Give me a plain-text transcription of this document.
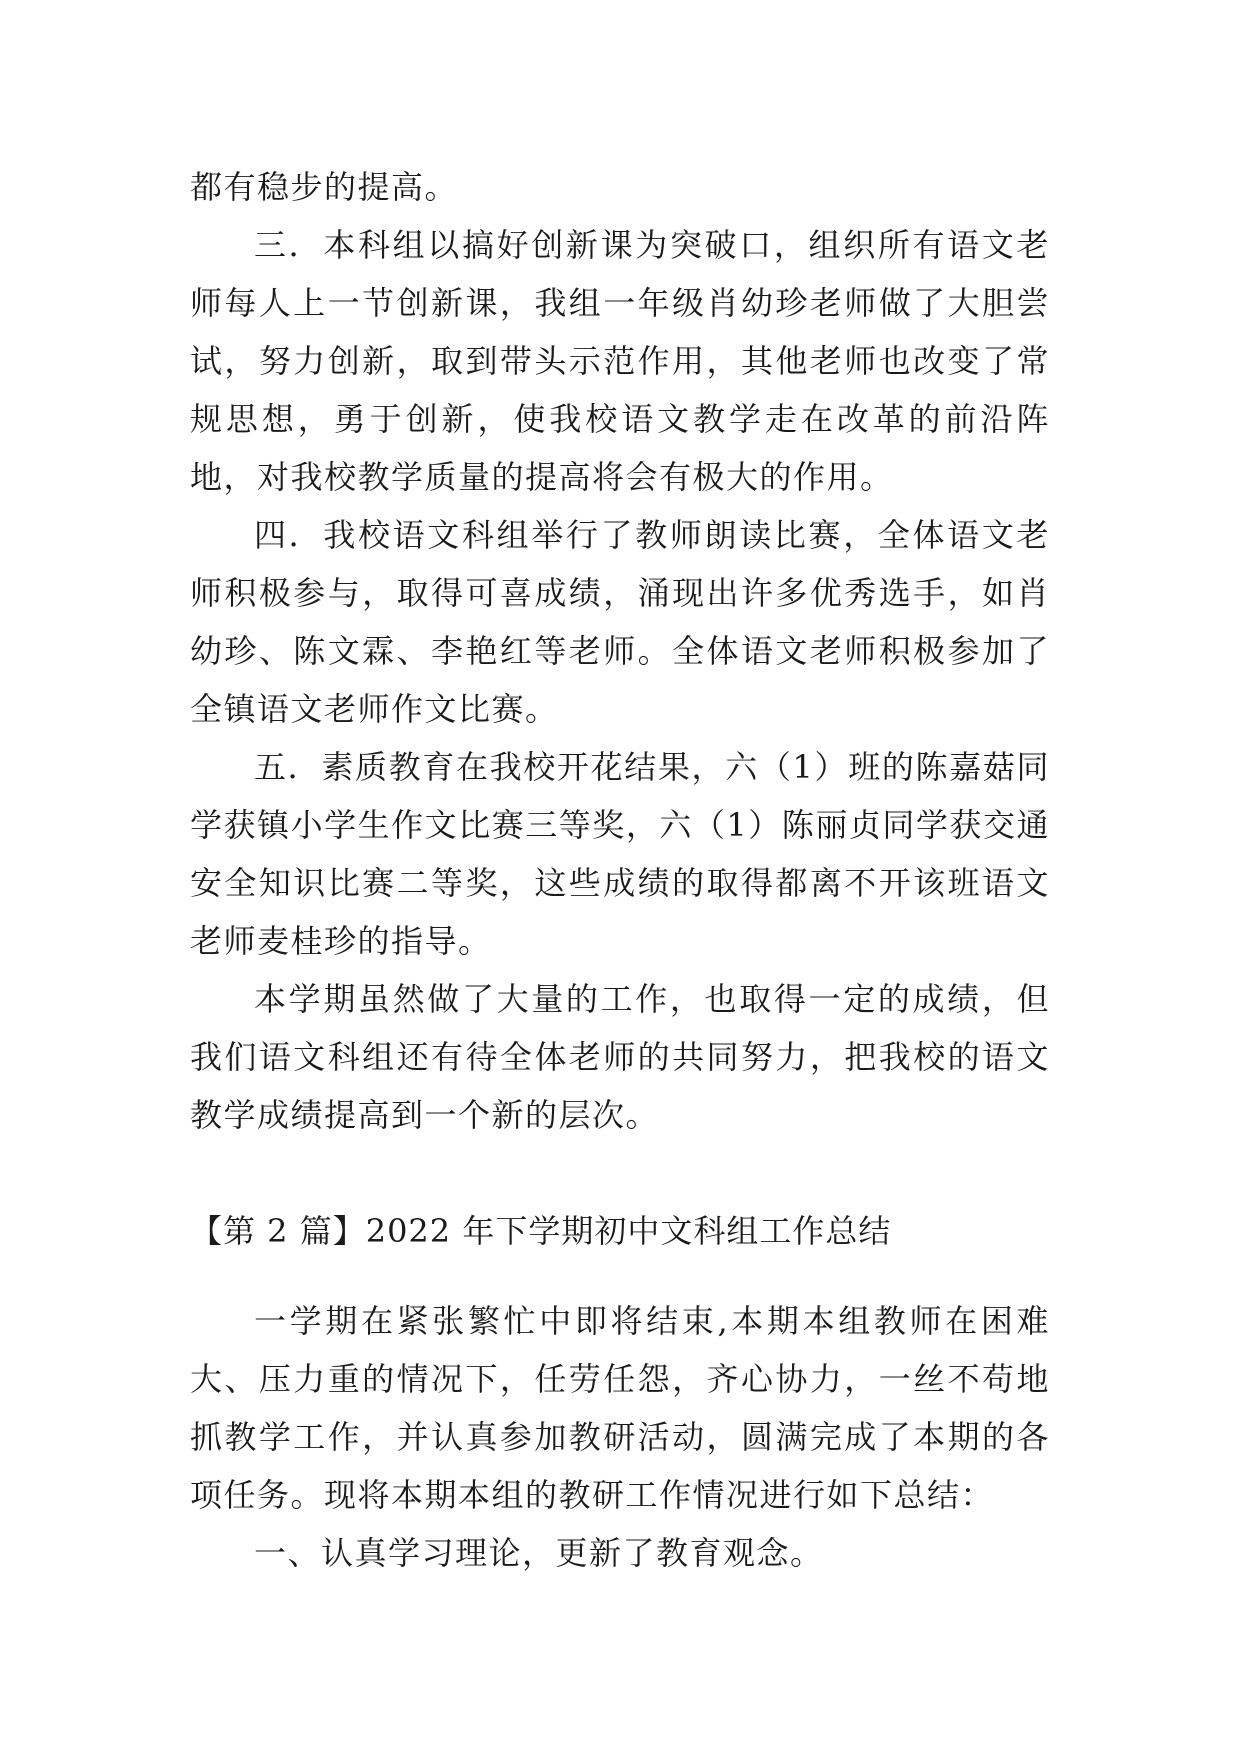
都有稳步的提高。

三．本科组以搞好创新课为突破口，组织所有语文老师每人上一节创新课，我组一年级肖幼珍老师做了大胆尝试，努力创新，取到带头示范作用，其他老师也改变了常规思想，勇于创新，使我校语文教学走在改革的前沿阵地，对我校教学质量的提高将会有极大的作用。

四．我校语文科组举行了教师朗读比赛，全体语文老师积极参与，取得可喜成绩，涌现出许多优秀选手，如肖幼珍、陈文霖、李艳红等老师。全体语文老师积极参加了全镇语文老师作文比赛。

五．素质教育在我校开花结果，六（1）班的陈嘉菇同学获镇小学生作文比赛三等奖，六（1）陈丽贞同学获交通安全知识比赛二等奖，这些成绩的取得都离不开该班语文老师麦桂珍的指导。

本学期虽然做了大量的工作，也取得一定的成绩，但我们语文科组还有待全体老师的共同努力，把我校的语文教学成绩提高到一个新的层次。

【第 2 篇】2022 年下学期初中文科组工作总结

一学期在紧张繁忙中即将结束,本期本组教师在困难大、压力重的情况下，任劳任怨，齐心协力，一丝不苟地抓教学工作，并认真参加教研活动，圆满完成了本期的各项任务。现将本期本组的教研工作情况进行如下总结：

一、认真学习理论，更新了教育观念。
